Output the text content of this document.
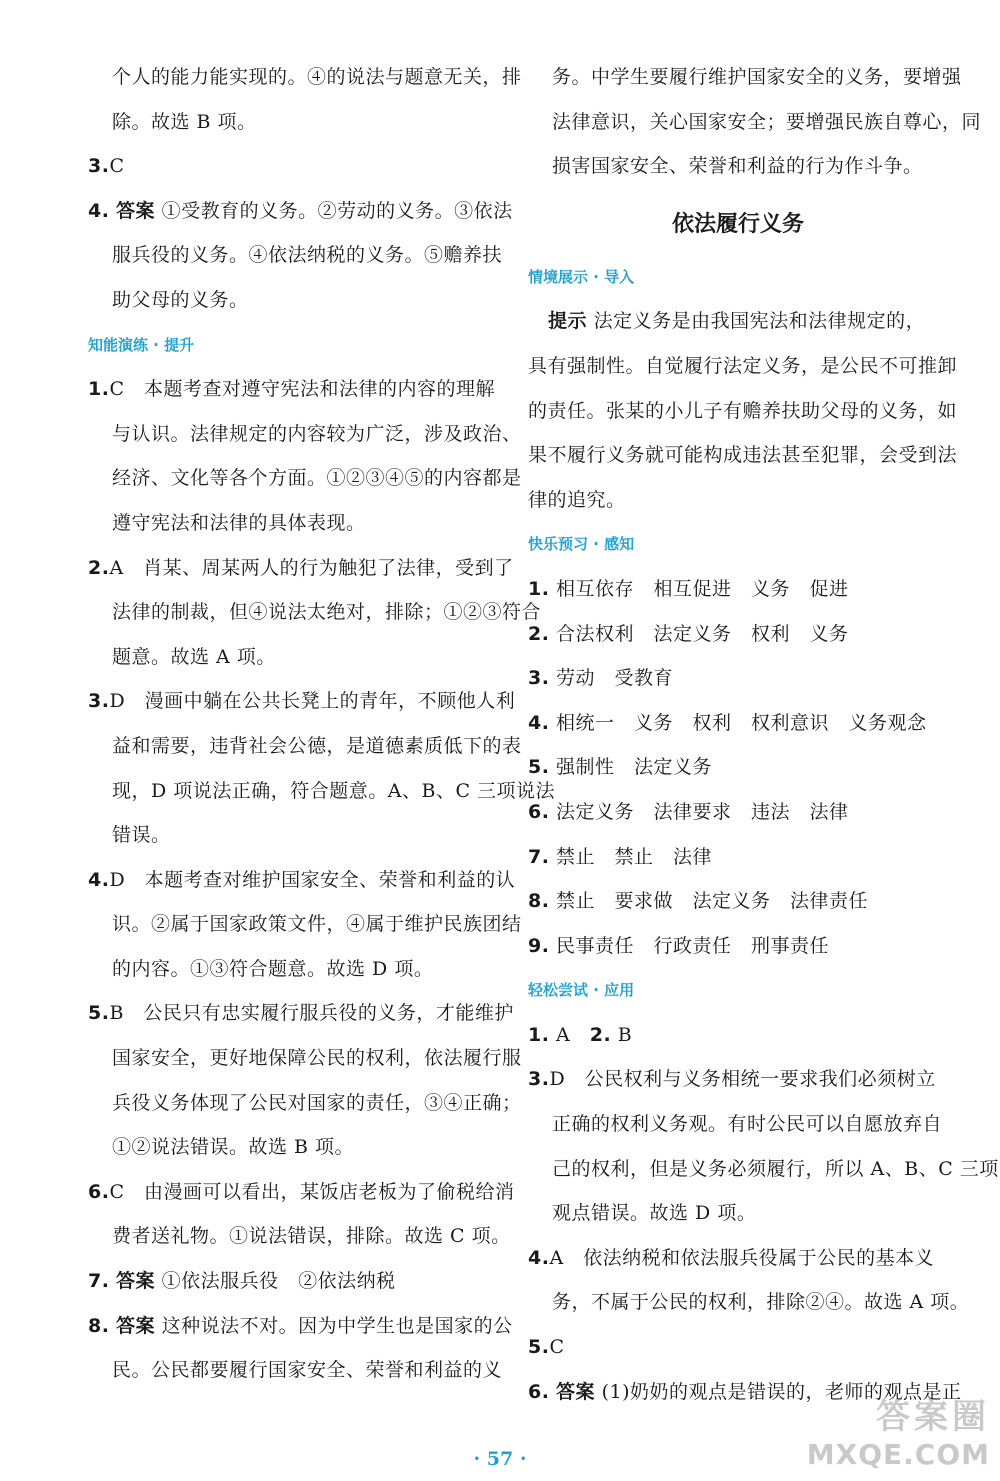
个人的能力能实现的。④的说法与题意无关，排
除。故选 B 项。
3.C
4. 答案 ①受教育的义务。②劳动的义务。③依法
服兵役的义务。④依法纳税的义务。⑤赡养扶
助父母的义务。
知能演练 · 提升
1.C　本题考查对遵守宪法和法律的内容的理解
与认识。法律规定的内容较为广泛，涉及政治、
经济、文化等各个方面。①②③④⑤的内容都是
遵守宪法和法律的具体表现。
2.A　肖某、周某两人的行为触犯了法律，受到了
法律的制裁，但④说法太绝对，排除；①②③符合
题意。故选 A 项。
3.D　漫画中躺在公共长凳上的青年，不顾他人利
益和需要，违背社会公德，是道德素质低下的表
现，D 项说法正确，符合题意。A、B、C 三项说法
错误。
4.D　本题考查对维护国家安全、荣誉和利益的认
识。②属于国家政策文件，④属于维护民族团结
的内容。①③符合题意。故选 D 项。
5.B　公民只有忠实履行服兵役的义务，才能维护
国家安全，更好地保障公民的权利，依法履行服
兵役义务体现了公民对国家的责任，③④正确；
①②说法错误。故选 B 项。
6.C　由漫画可以看出，某饭店老板为了偷税给消
费者送礼物。①说法错误，排除。故选 C 项。
7. 答案 ①依法服兵役　②依法纳税
8. 答案 这种说法不对。因为中学生也是国家的公
民。公民都要履行国家安全、荣誉和利益的义
务。中学生要履行维护国家安全的义务，要增强
法律意识，关心国家安全；要增强民族自尊心，同
损害国家安全、荣誉和利益的行为作斗争。
依法履行义务
情境展示 · 导入
提示 法定义务是由我国宪法和法律规定的，
具有强制性。自觉履行法定义务，是公民不可推卸
的责任。张某的小儿子有赡养扶助父母的义务，如
果不履行义务就可能构成违法甚至犯罪，会受到法
律的追究。
快乐预习 · 感知
1. 相互依存　相互促进　义务　促进
2. 合法权利　法定义务　权利　义务
3. 劳动　受教育
4. 相统一　义务　权利　权利意识　义务观念
5. 强制性　法定义务
6. 法定义务　法律要求　违法　法律
7. 禁止　禁止　法律
8. 禁止　要求做　法定义务　法律责任
9. 民事责任　行政责任　刑事责任
轻松尝试 · 应用
1. A　 2. B
3.D　公民权利与义务相统一要求我们必须树立
正确的权利义务观。有时公民可以自愿放弃自
己的权利，但是义务必须履行，所以 A、B、C 三项
观点错误。故选 D 项。
4.A　依法纳税和依法服兵役属于公民的基本义
务，不属于公民的权利，排除②④。故选 A 项。
5.C
6. 答案 (1)奶奶的观点是错误的，老师的观点是正
· 57 ·
答案圈
MXQE.COM
